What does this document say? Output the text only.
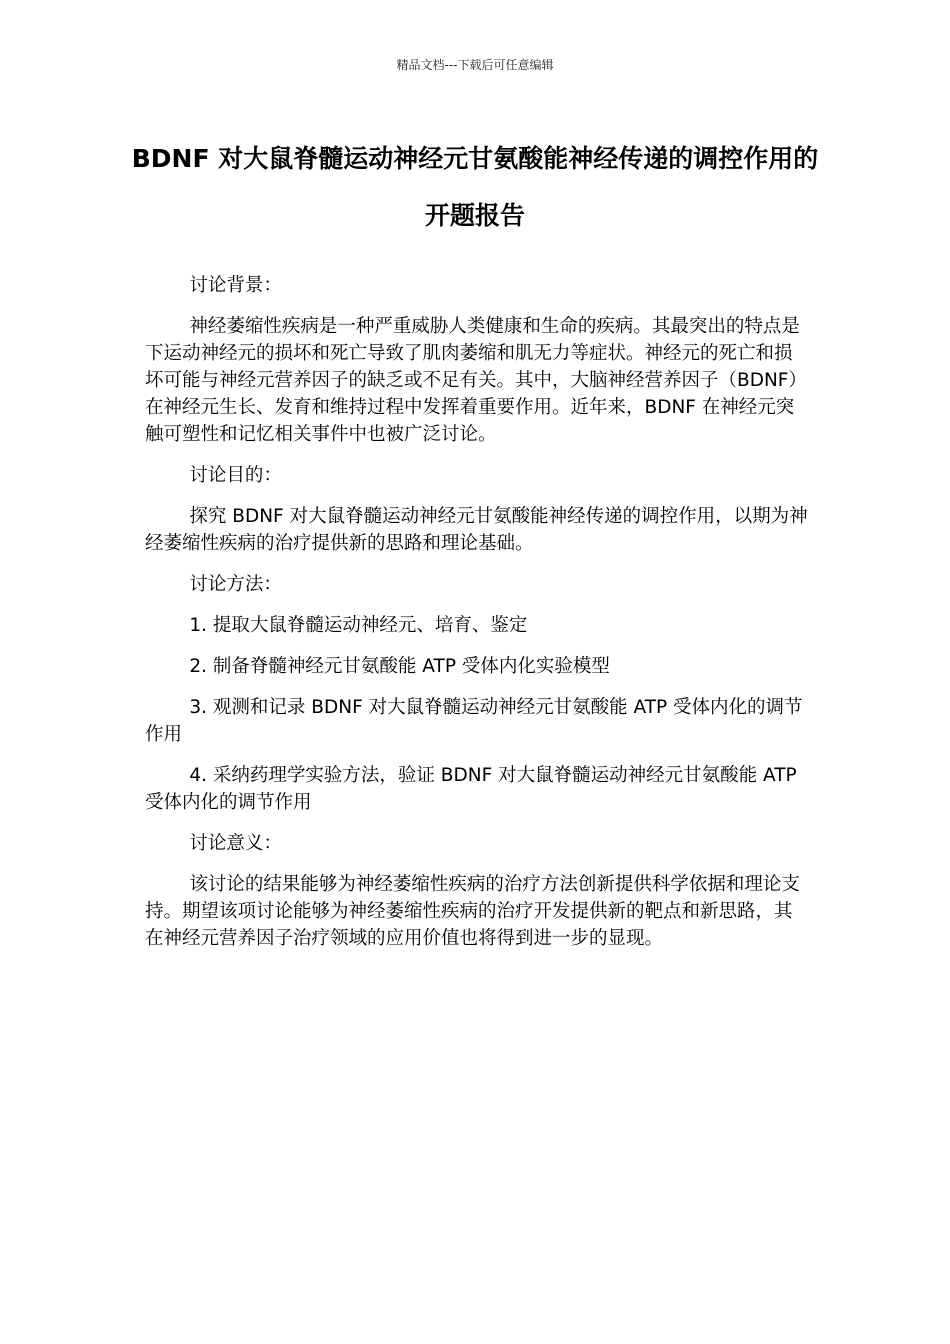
精品文档---下载后可任意编辑
BDNF 对大鼠脊髓运动神经元甘氨酸能神经传递的调控作用的开题报告

讨论背景：

神经萎缩性疾病是一种严重威胁人类健康和生命的疾病。其最突出的特点是下运动神经元的损坏和死亡导致了肌肉萎缩和肌无力等症状。神经元的死亡和损坏可能与神经元营养因子的缺乏或不足有关。其中，大脑神经营养因子（BDNF）在神经元生长、发育和维持过程中发挥着重要作用。近年来，BDNF 在神经元突触可塑性和记忆相关事件中也被广泛讨论。

讨论目的：

探究 BDNF 对大鼠脊髓运动神经元甘氨酸能神经传递的调控作用，以期为神经萎缩性疾病的治疗提供新的思路和理论基础。

讨论方法：

1. 提取大鼠脊髓运动神经元、培育、鉴定

2. 制备脊髓神经元甘氨酸能 ATP 受体内化实验模型

3. 观测和记录 BDNF 对大鼠脊髓运动神经元甘氨酸能 ATP 受体内化的调节作用

4. 采纳药理学实验方法，验证 BDNF 对大鼠脊髓运动神经元甘氨酸能 ATP 受体内化的调节作用

讨论意义：

该讨论的结果能够为神经萎缩性疾病的治疗方法创新提供科学依据和理论支持。期望该项讨论能够为神经萎缩性疾病的治疗开发提供新的靶点和新思路，其在神经元营养因子治疗领域的应用价值也将得到进一步的显现。
